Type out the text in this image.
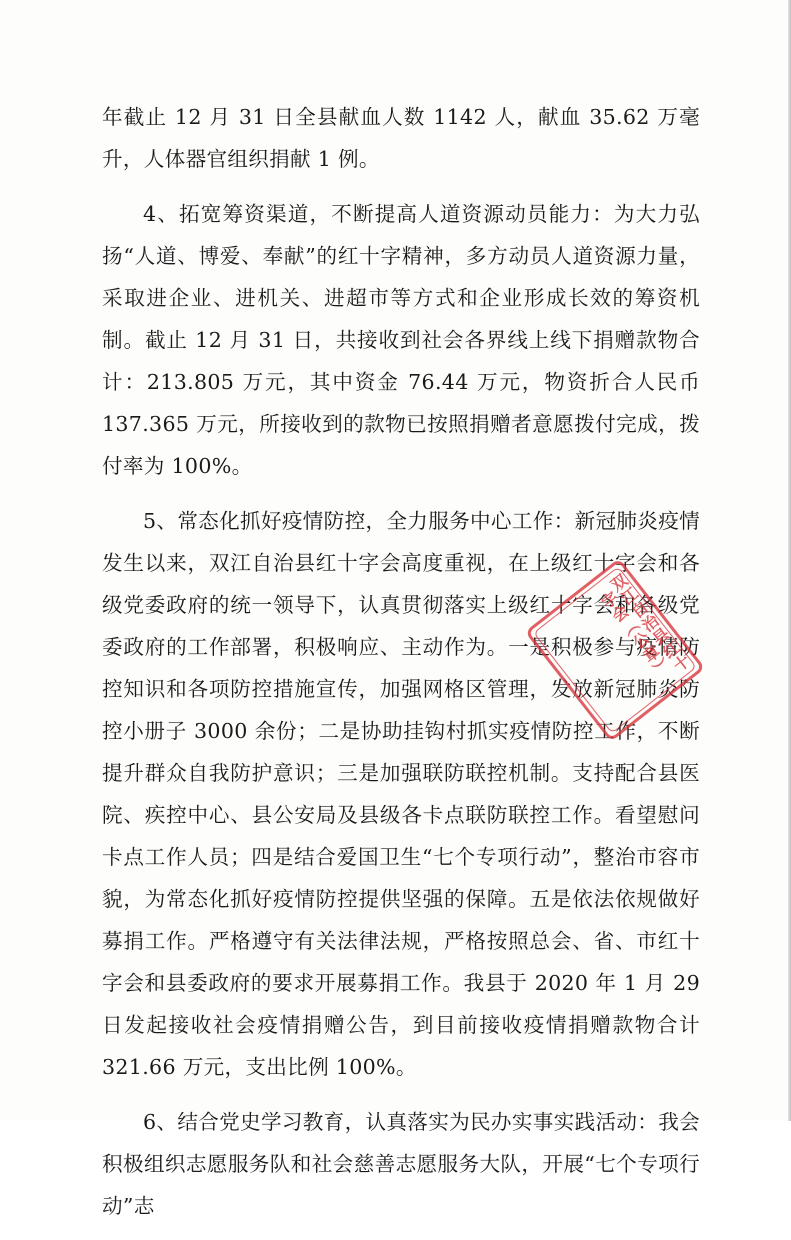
年截止 12 月 31 日全县献血人数 1142 人，献血 35.62 万毫升，人体器官组织捐献 1 例。

4、拓宽筹资渠道，不断提高人道资源动员能力：为大力弘扬“人道、博爱、奉献”的红十字精神，多方动员人道资源力量，采取进企业、进机关、进超市等方式和企业形成长效的筹资机制。截止 12 月 31 日，共接收到社会各界线上线下捐赠款物合计：213.805 万元，其中资金 76.44 万元，物资折合人民币 137.365 万元，所接收到的款物已按照捐赠者意愿拨付完成，拨付率为 100%。

5、常态化抓好疫情防控，全力服务中心工作：新冠肺炎疫情发生以来，双江自治县红十字会高度重视，在上级红十字会和各级党委政府的统一领导下，认真贯彻落实上级红十字会和各级党委政府的工作部署，积极响应、主动作为。一是积极参与疫情防控知识和各项防控措施宣传，加强网格区管理，发放新冠肺炎防控小册子 3000 余份；二是协助挂钩村抓实疫情防控工作，不断提升群众自我防护意识；三是加强联防联控机制。支持配合县医院、疾控中心、县公安局及县级各卡点联防联控工作。看望慰问卡点工作人员；四是结合爱国卫生“七个专项行动”，整治市容市貌，为常态化抓好疫情防控提供坚强的保障。五是依法依规做好募捐工作。严格遵守有关法律法规，严格按照总会、省、市红十字会和县委政府的要求开展募捐工作。我县于 2020 年 1 月 29 日发起接收社会疫情捐赠公告，到目前接收疫情捐赠款物合计 321.66 万元，支出比例 100%。

6、结合党史学习教育，认真落实为民办实事实践活动：我会积极组织志愿服务队和社会慈善志愿服务大队，开展“七个专项行动”志

双江自治县红十字会（公章）
